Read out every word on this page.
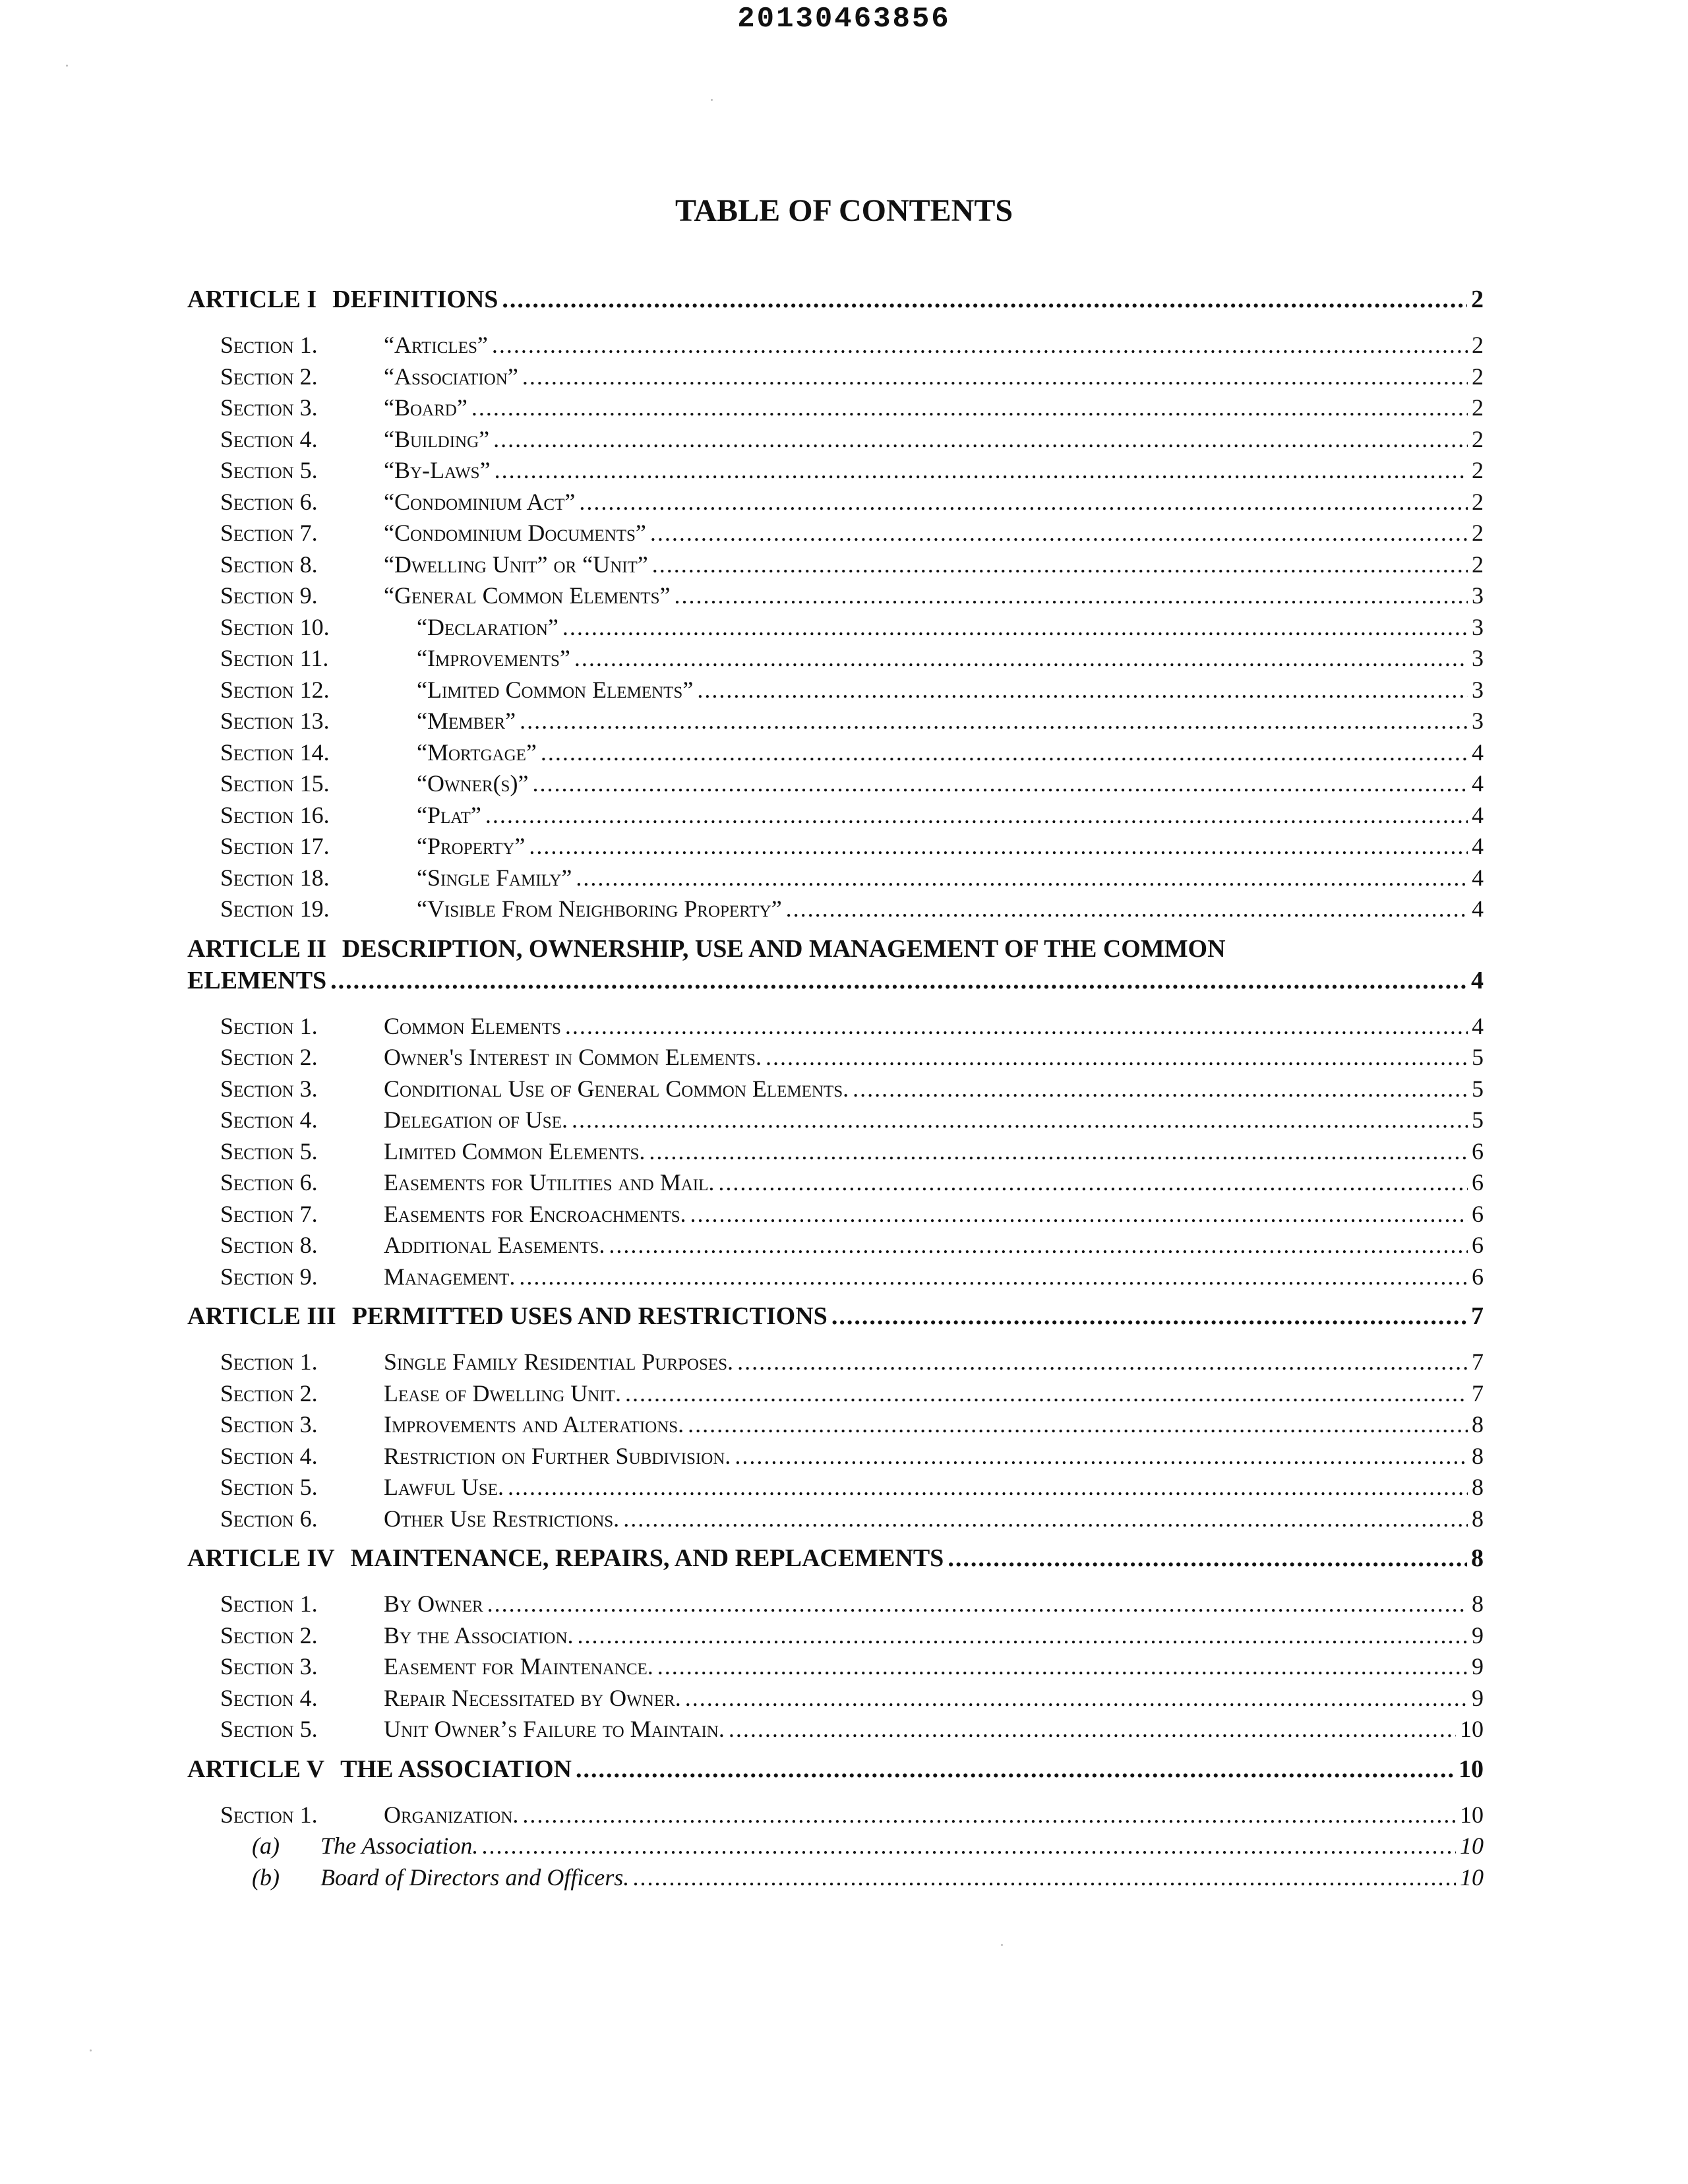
20130463856
TABLE OF CONTENTS
ARTICLE I DEFINITIONS .....	2
Section 1.	“Articles” .....	2
Section 2.	“Association” .....	2
Section 3.	“Board” .....	2
Section 4.	“Building” .....	2
Section 5.	“By-Laws” .....	2
Section 6.	“Condominium Act” .....	2
Section 7.	“Condominium Documents” .....	2
Section 8.	“Dwelling Unit” or “Unit” .....	2
Section 9.	“General Common Elements” .....	3
Section 10.	“Declaration” .....	3
Section 11.	“Improvements” .....	3
Section 12.	“Limited Common Elements” .....	3
Section 13.	“Member” .....	3
Section 14.	“Mortgage” .....	4
Section 15.	“Owner(s)” .....	4
Section 16.	“Plat” .....	4
Section 17.	“Property” .....	4
Section 18.	“Single Family” .....	4
Section 19.	“Visible From Neighboring Property” .....	4
ARTICLE II DESCRIPTION, OWNERSHIP, USE AND MANAGEMENT OF THE COMMON
ELEMENTS .....	4
Section 1.	Common Elements .....	4
Section 2.	Owner's Interest in Common Elements. .....	5
Section 3.	Conditional Use of General Common Elements. .....	5
Section 4.	Delegation of Use. .....	5
Section 5.	Limited Common Elements. .....	6
Section 6.	Easements for Utilities and Mail. .....	6
Section 7.	Easements for Encroachments. .....	6
Section 8.	Additional Easements. .....	6
Section 9.	Management. .....	6
ARTICLE III PERMITTED USES AND RESTRICTIONS .....	7
Section 1.	Single Family Residential Purposes. .....	7
Section 2.	Lease of Dwelling Unit. .....	7
Section 3.	Improvements and Alterations. .....	8
Section 4.	Restriction on Further Subdivision. .....	8
Section 5.	Lawful Use. .....	8
Section 6.	Other Use Restrictions. .....	8
ARTICLE IV MAINTENANCE, REPAIRS, AND REPLACEMENTS .....	8
Section 1.	By Owner .....	8
Section 2.	By the Association. .....	9
Section 3.	Easement for Maintenance. .....	9
Section 4.	Repair Necessitated by Owner. .....	9
Section 5.	Unit Owner’s Failure to Maintain. .....	10
ARTICLE V THE ASSOCIATION .....	10
Section 1.	Organization. .....	10
(a)	The Association. .....	10
(b)	Board of Directors and Officers. .....	10
